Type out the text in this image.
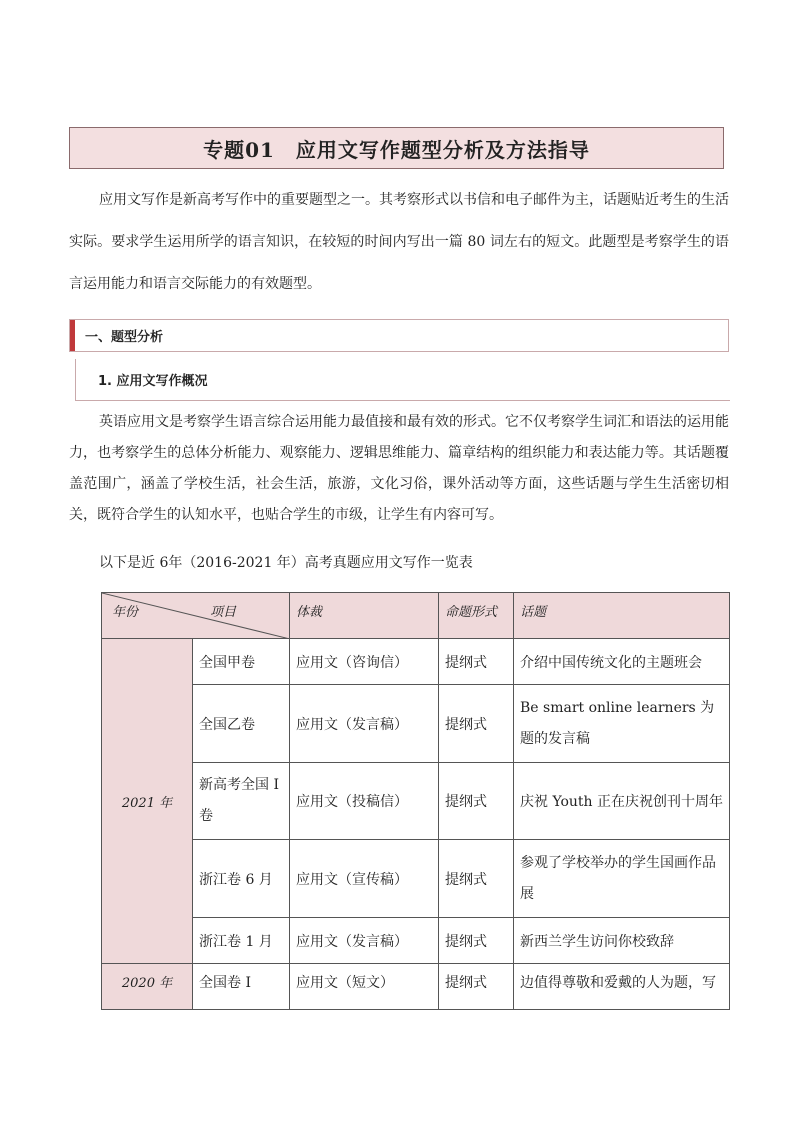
专题01　应用文写作题型分析及方法指导
应用文写作是新高考写作中的重要题型之一。其考察形式以书信和电子邮件为主，话题贴近考生的生活实际。要求学生运用所学的语言知识，在较短的时间内写出一篇 80 词左右的短文。此题型是考察学生的语言运用能力和语言交际能力的有效题型。
一、题型分析
1. 应用文写作概况
英语应用文是考察学生语言综合运用能力最值接和最有效的形式。它不仅考察学生词汇和语法的运用能力，也考察学生的总体分析能力、观察能力、逻辑思维能力、篇章结构的组织能力和表达能力等。其话题覆盖范围广，涵盖了学校生活，社会生活，旅游，文化习俗，课外活动等方面，这些话题与学生生活密切相关，既符合学生的认知水平，也贴合学生的市级，让学生有内容可写。
以下是近 6年（2016-2021 年）高考真题应用文写作一览表
年份 项目		体裁	命题形式	话题
2021 年	全国甲卷	应用文（咨询信）	提纲式	介绍中国传统文化的主题班会
	全国乙卷	应用文（发言稿）	提纲式	Be smart online learners 为题的发言稿
	新高考全国 I 卷	应用文（投稿信）	提纲式	庆祝 Youth 正在庆祝创刊十周年
	浙江卷 6 月	应用文（宣传稿）	提纲式	参观了学校举办的学生国画作品展
	浙江卷 1 月	应用文（发言稿）	提纲式	新西兰学生访问你校致辞
2020 年	全国卷 I	应用文（短文）	提纲式	边值得尊敬和爱戴的人为题，写
